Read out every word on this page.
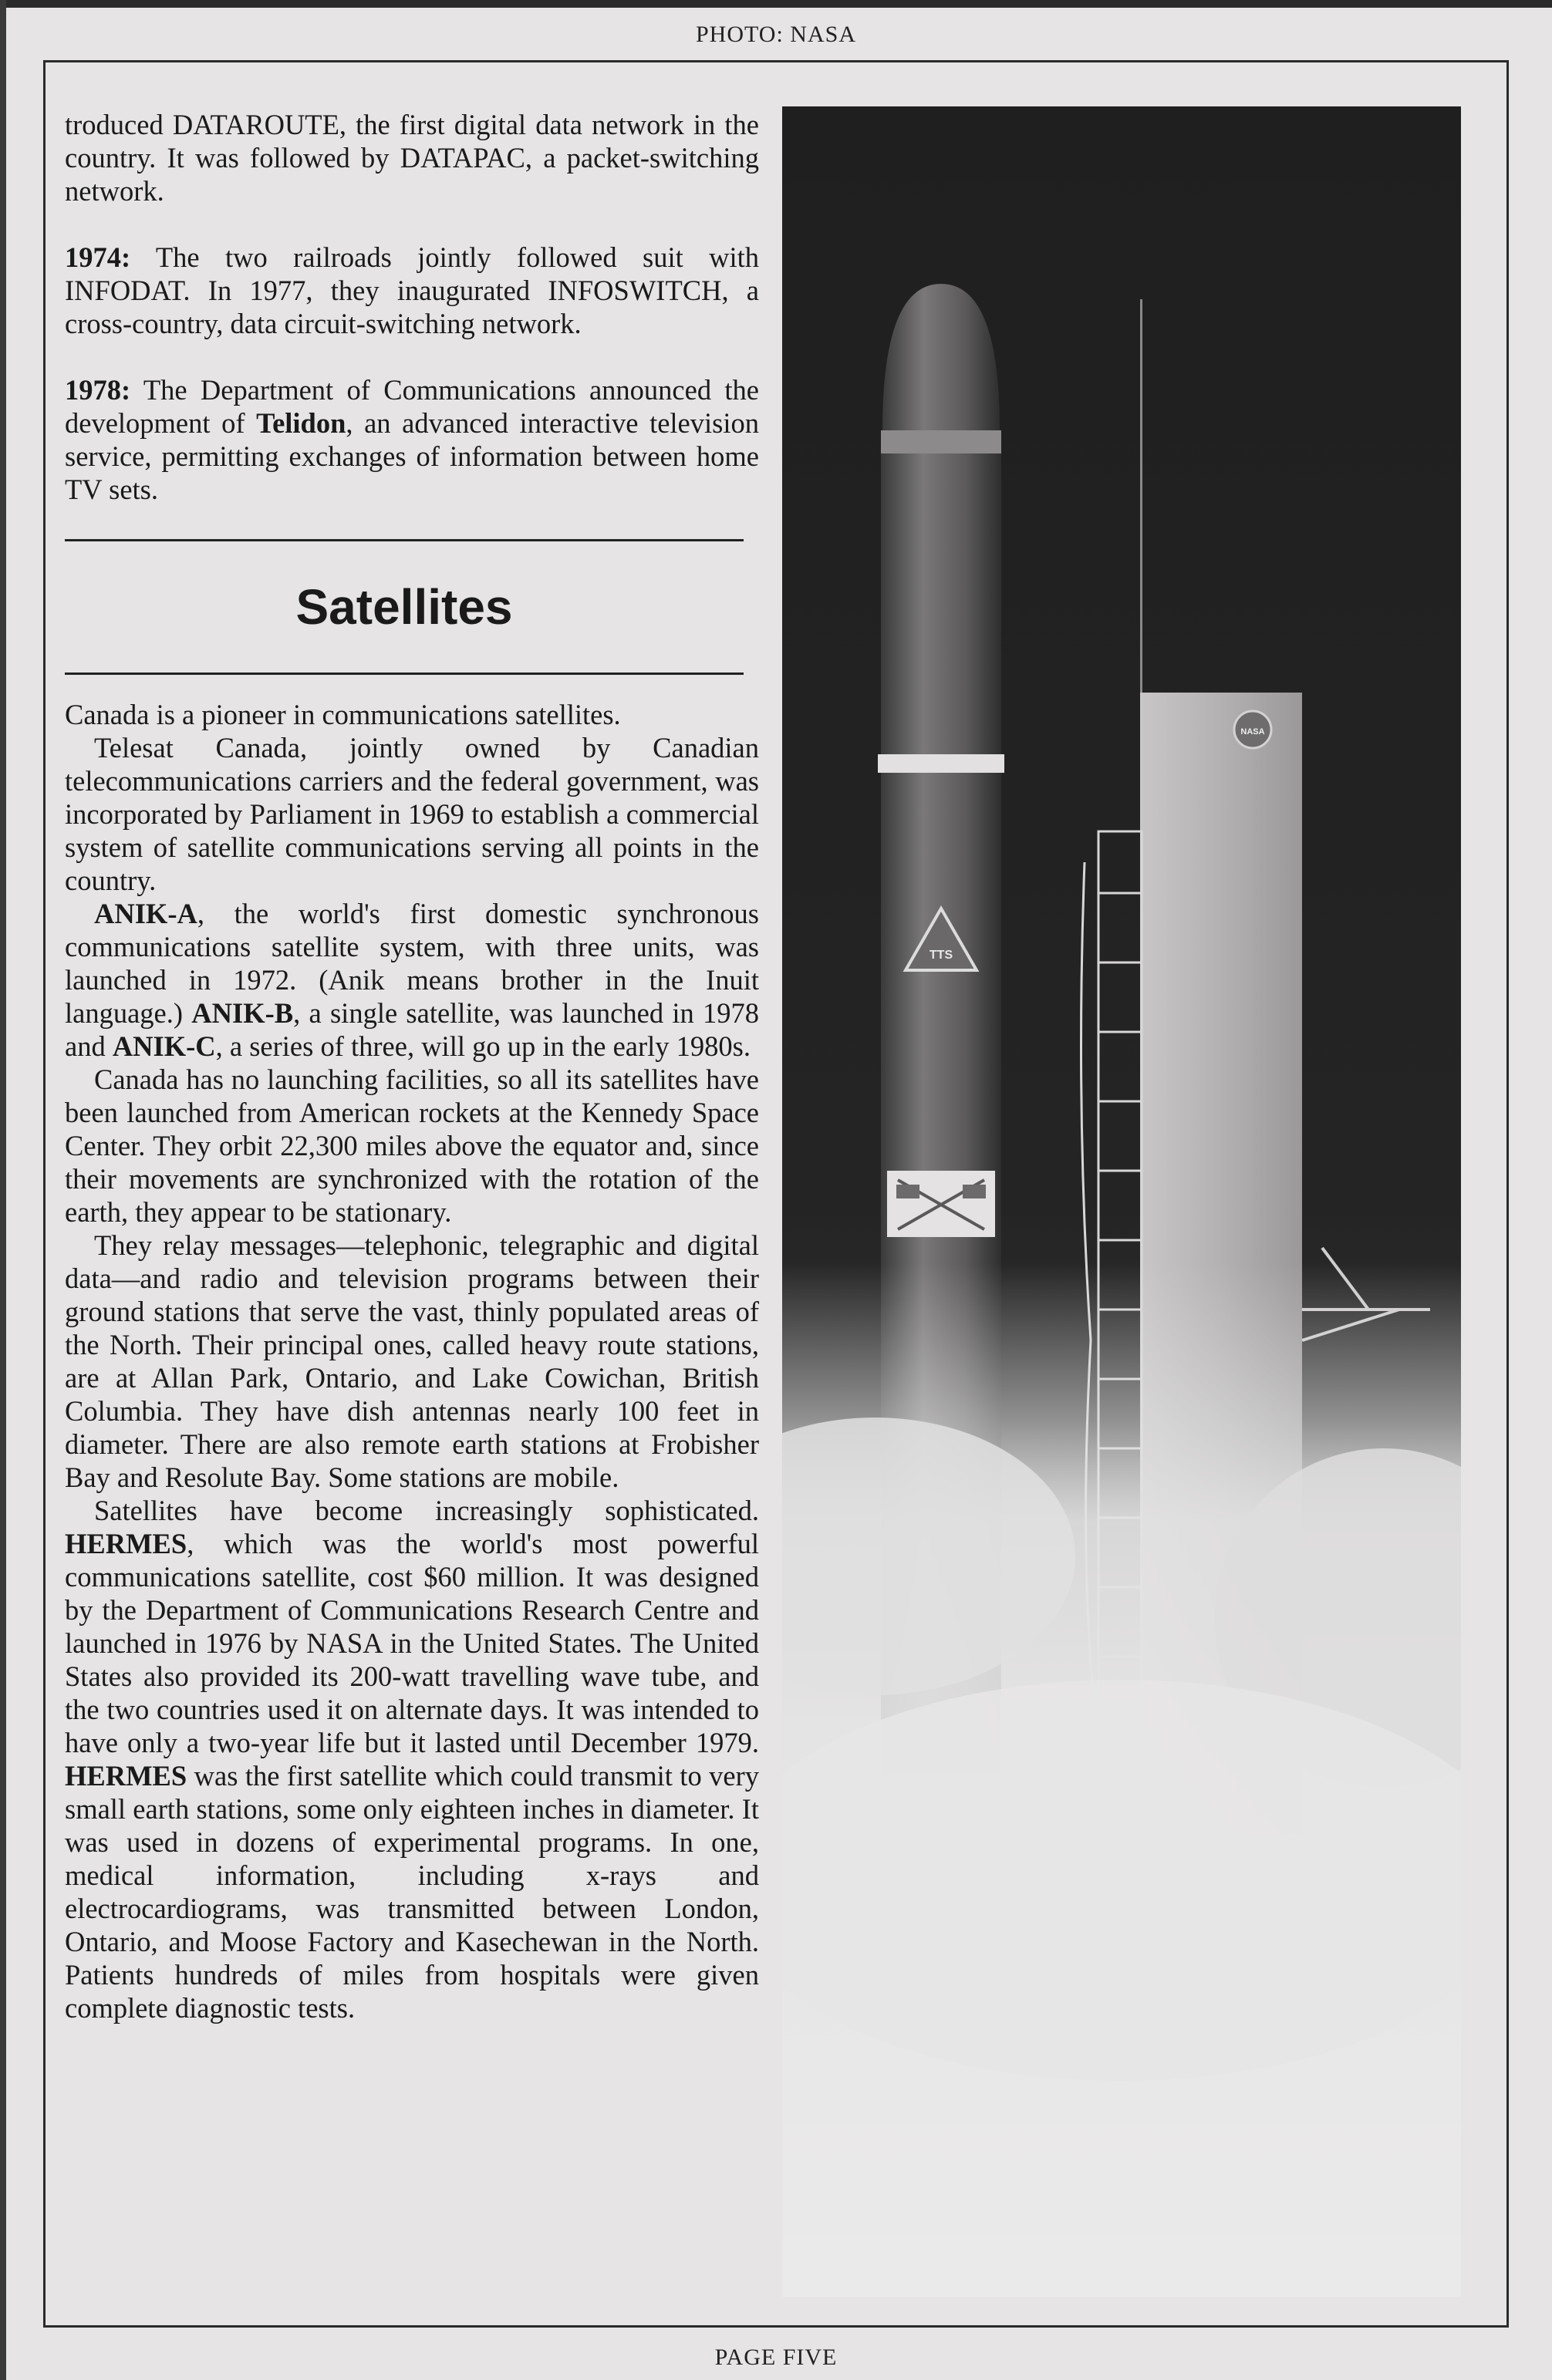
PHOTO: NASA

troduced DATAROUTE, the first digital data network in the country. It was followed by DATAPAC, a packet-switching network.

1974: The two railroads jointly followed suit with INFODAT. In 1977, they inaugurated INFOSWITCH, a cross-country, data circuit-switching network.

1978: The Department of Communications announced the development of Telidon, an advanced interactive television service, permitting exchanges of information between home TV sets.

Satellites

Canada is a pioneer in communications satellites.

Telesat Canada, jointly owned by Canadian telecommunications carriers and the federal government, was incorporated by Parliament in 1969 to establish a commercial system of satellite communications serving all points in the country.

ANIK-A, the world's first domestic synchronous communications satellite system, with three units, was launched in 1972. (Anik means brother in the Inuit language.) ANIK-B, a single satellite, was launched in 1978 and ANIK-C, a series of three, will go up in the early 1980s.

Canada has no launching facilities, so all its satellites have been launched from American rockets at the Kennedy Space Center. They orbit 22,300 miles above the equator and, since their movements are synchronized with the rotation of the earth, they appear to be stationary.

They relay messages—telephonic, telegraphic and digital data—and radio and television programs between their ground stations that serve the vast, thinly populated areas of the North. Their principal ones, called heavy route stations, are at Allan Park, Ontario, and Lake Cowichan, British Columbia. They have dish antennas nearly 100 feet in diameter. There are also remote earth stations at Frobisher Bay and Resolute Bay. Some stations are mobile.

Satellites have become increasingly sophisticated. HERMES, which was the world's most powerful communications satellite, cost $60 million. It was designed by the Department of Communications Research Centre and launched in 1976 by NASA in the United States. The United States also provided its 200-watt travelling wave tube, and the two countries used it on alternate days. It was intended to have only a two-year life but it lasted until December 1979. HERMES was the first satellite which could transmit to very small earth stations, some only eighteen inches in diameter. It was used in dozens of experimental programs. In one, medical information, including x-rays and electrocardiograms, was transmitted between London, Ontario, and Moose Factory and Kasechewan in the North. Patients hundreds of miles from hospitals were given complete diagnostic tests.

TTS
NASA
PAGE FIVE
